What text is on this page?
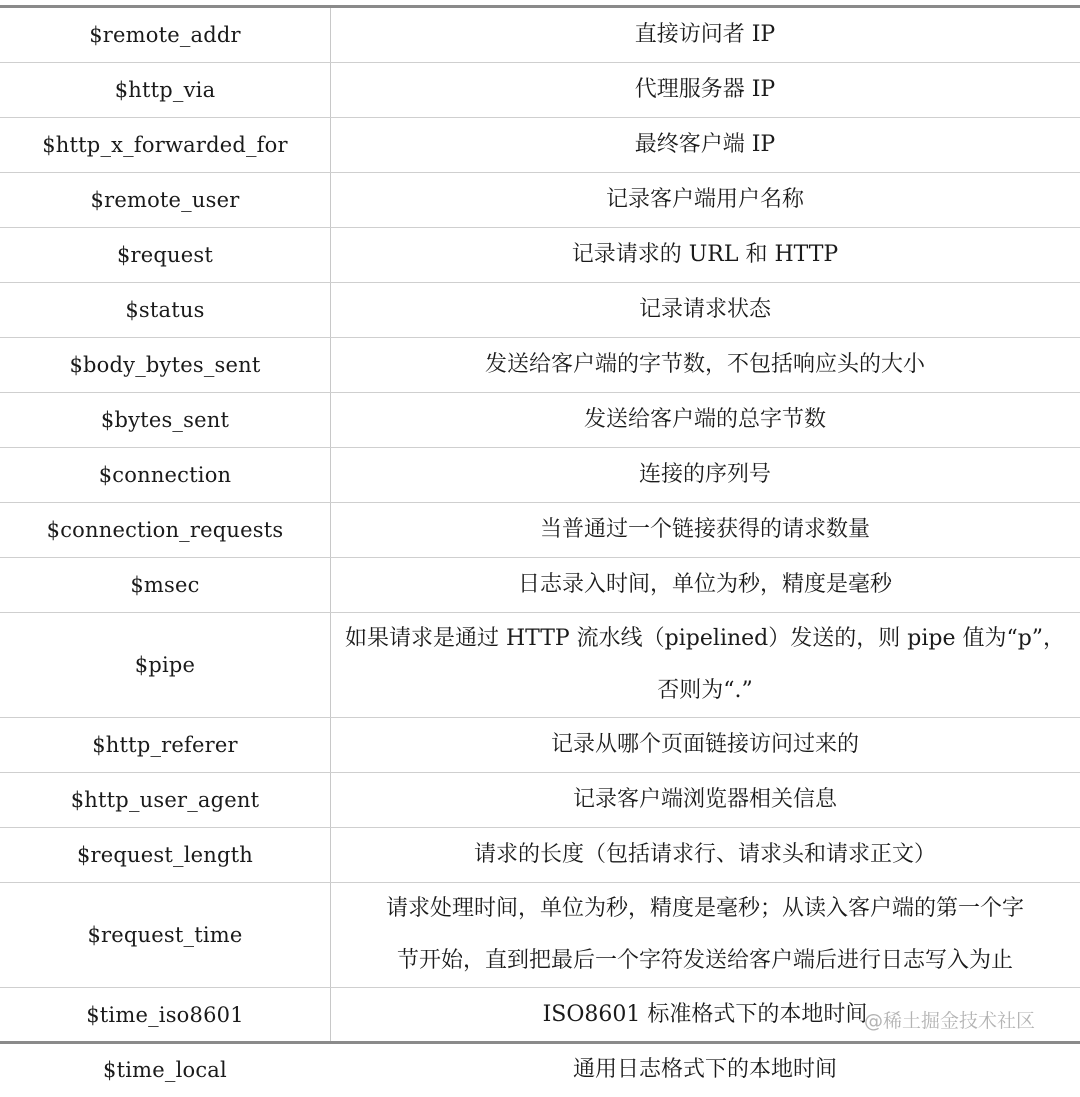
$remote_addr	直接访问者 IP
$http_via	代理服务器 IP
$http_x_forwarded_for	最终客户端 IP
$remote_user	记录客户端用户名称
$request	记录请求的 URL 和 HTTP
$status	记录请求状态
$body_bytes_sent	发送给客户端的字节数，不包括响应头的大小
$bytes_sent	发送给客户端的总字节数
$connection	连接的序列号
$connection_requests	当普通过一个链接获得的请求数量
$msec	日志录入时间，单位为秒，精度是毫秒
$pipe	如果请求是通过 HTTP 流水线（pipelined）发送的，则 pipe 值为“p”，
否则为“.”

$http_referer	记录从哪个页面链接访问过来的
$http_user_agent	记录客户端浏览器相关信息
$request_length	请求的长度（包括请求行、请求头和请求正文）
$request_time	请求处理时间，单位为秒，精度是毫秒；从读入客户端的第一个字
节开始，直到把最后一个字符发送给客户端后进行日志写入为止

$time_iso8601	ISO8601 标准格式下的本地时间
$time_local	通用日志格式下的本地时间
@稀土掘金技术社区
